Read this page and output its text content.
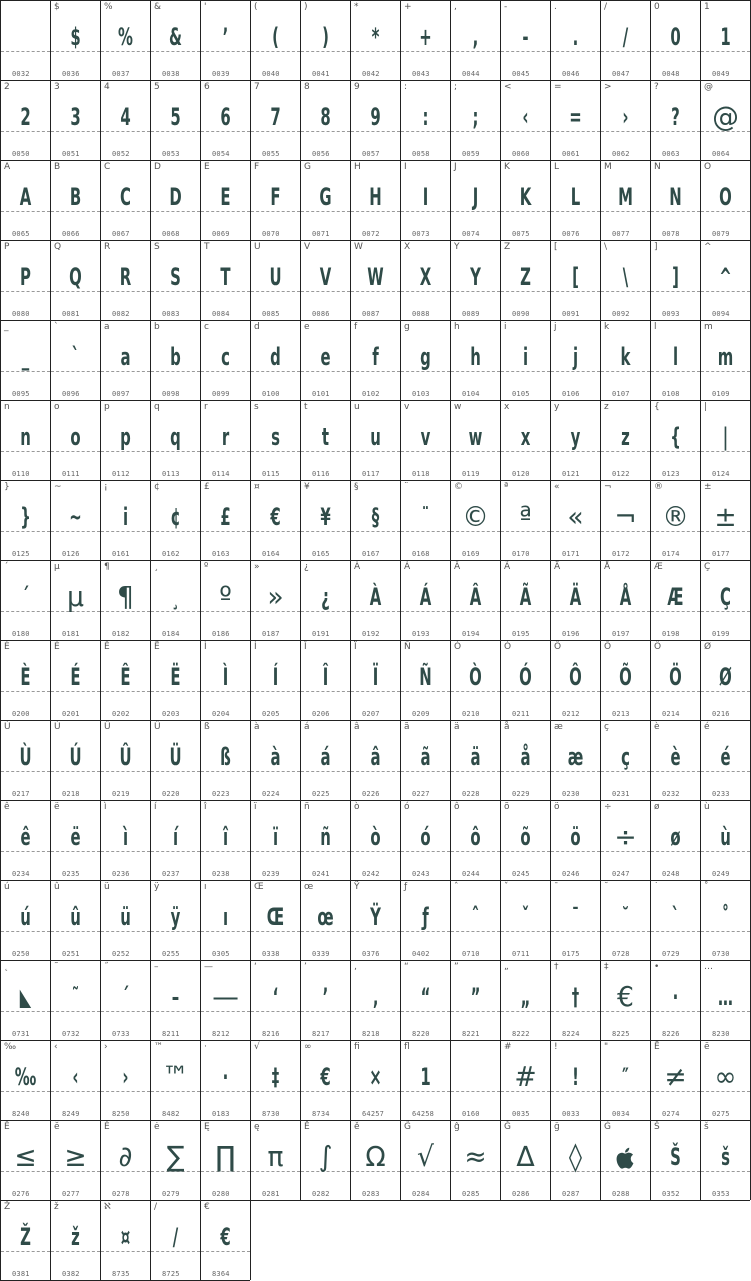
0032
$
$
0036
%
%
0037
&
&
0038
'
ʼ
0039
(
(
0040
)
)
0041
*
*
0042
+
+
0043
,
,
0044
-
-
0045
.
.
0046
/
/
0047
0
0
0048
1
1
0049
2
2
0050
3
3
0051
4
4
0052
5
5
0053
6
6
0054
7
7
0055
8
8
0056
9
9
0057
:
:
0058
;
;
0059
<
‹
0060
=
=
0061
>
›
0062
?
?
0063
@
@
0064
A
A
0065
B
B
0066
C
C
0067
D
D
0068
E
E
0069
F
F
0070
G
G
0071
H
H
0072
I
I
0073
J
J
0074
K
K
0075
L
L
0076
M
M
0077
N
N
0078
O
O
0079
P
P
0080
Q
Q
0081
R
R
0082
S
S
0083
T
T
0084
U
U
0085
V
V
0086
W
W
0087
X
X
0088
Y
Y
0089
Z
Z
0090
[
[
0091
\
\
0092
]
]
0093
^
^
0094
_
_
0095
`
`
0096
a
a
0097
b
b
0098
c
c
0099
d
d
0100
e
e
0101
f
f
0102
g
g
0103
h
h
0104
i
i
0105
j
j
0106
k
k
0107
l
l
0108
m
m
0109
n
n
0110
o
o
0111
p
p
0112
q
q
0113
r
r
0114
s
s
0115
t
t
0116
u
u
0117
v
v
0118
w
w
0119
x
x
0120
y
y
0121
z
z
0122
{
{
0123
|
|
0124
}
}
0125
~
~
0126
¡
i
0161
¢
¢
0162
£
£
0163
¤
€
0164
¥
¥
0165
§
§
0167
¨
¨
0168
©
©
0169
ª
ª
0170
«
«
0171
¬
¬
0172
®
®
0174
±
±
0177
´
´
0180
µ
µ
0181
¶
¶
0182
¸
¸
0184
º
º
0186
»
»
0187
¿
¿
0191
À
À
0192
Á
Á
0193
Â
Â
0194
Ã
Ã
0195
Ä
Ä
0196
Å
Å
0197
Æ
Æ
0198
Ç
Ç
0199
È
È
0200
É
É
0201
Ê
Ê
0202
Ë
Ë
0203
Ì
Ì
0204
Í
Í
0205
Î
Î
0206
Ï
Ï
0207
Ñ
Ñ
0209
Ò
Ò
0210
Ó
Ó
0211
Ô
Ô
0212
Õ
Õ
0213
Ö
Ö
0214
Ø
Ø
0216
Ù
Ù
0217
Ú
Ú
0218
Û
Û
0219
Ü
Ü
0220
ß
ß
0223
à
à
0224
á
á
0225
â
â
0226
ã
ã
0227
ä
ä
0228
å
å
0229
æ
æ
0230
ç
ç
0231
è
è
0232
é
é
0233
ê
ê
0234
ë
ë
0235
ì
ì
0236
í
í
0237
î
î
0238
ï
ï
0239
ñ
ñ
0241
ò
ò
0242
ó
ó
0243
ô
ô
0244
õ
õ
0245
ö
ö
0246
÷
÷
0247
ø
ø
0248
ù
ù
0249
ú
ú
0250
û
û
0251
ü
ü
0252
ÿ
ÿ
0255
ı
ı
0305
Œ
Œ
0338
œ
œ
0339
Ÿ
Ÿ
0376
ƒ
ƒ
0402
ˆ
ˆ
0710
ˇ
ˇ
0711
¯
¯
0175
˘
˘
0728
˙
`
0729
˚
˚
0730
˛
◣
0731
˜
˜
0732
˝
´
0733
–
–
8211
—
—
8212
‘
‘
8216
’
’
8217
‚
‚
8218
“
“
8220
”
”
8221
„
„
8222
†
†
8224
‡
€
8225
•
·
8226
…
…
8230
‰
‰
8240
‹
‹
8249
›
›
8250
™
™
8482
·
·
0183
√
‡
8730
∞
€
8734
ﬁ
×
64257
ﬂ
1
64258	0160
#
#
0035
!
!
0033
"
″
0034
Ē
≠
0274
ē
∞
0275
Ĕ
≤
0276
ĕ
≥
0277
Ė
∂
0278
ė
∑
0279
Ę
∏
0280
ę
π
0281
Ě
∫
0282
ě
Ω
0283
Ĝ
√
0284
ĝ
≈
0285
Ğ
∆
0286
ğ
◊
0287
Ġ
0288
Š
Š
0352
š
š
0353
Ž
Ž
0381
ž
ž
0382
ℵ
¤
8735
∕
/
8725
€
€
8364
